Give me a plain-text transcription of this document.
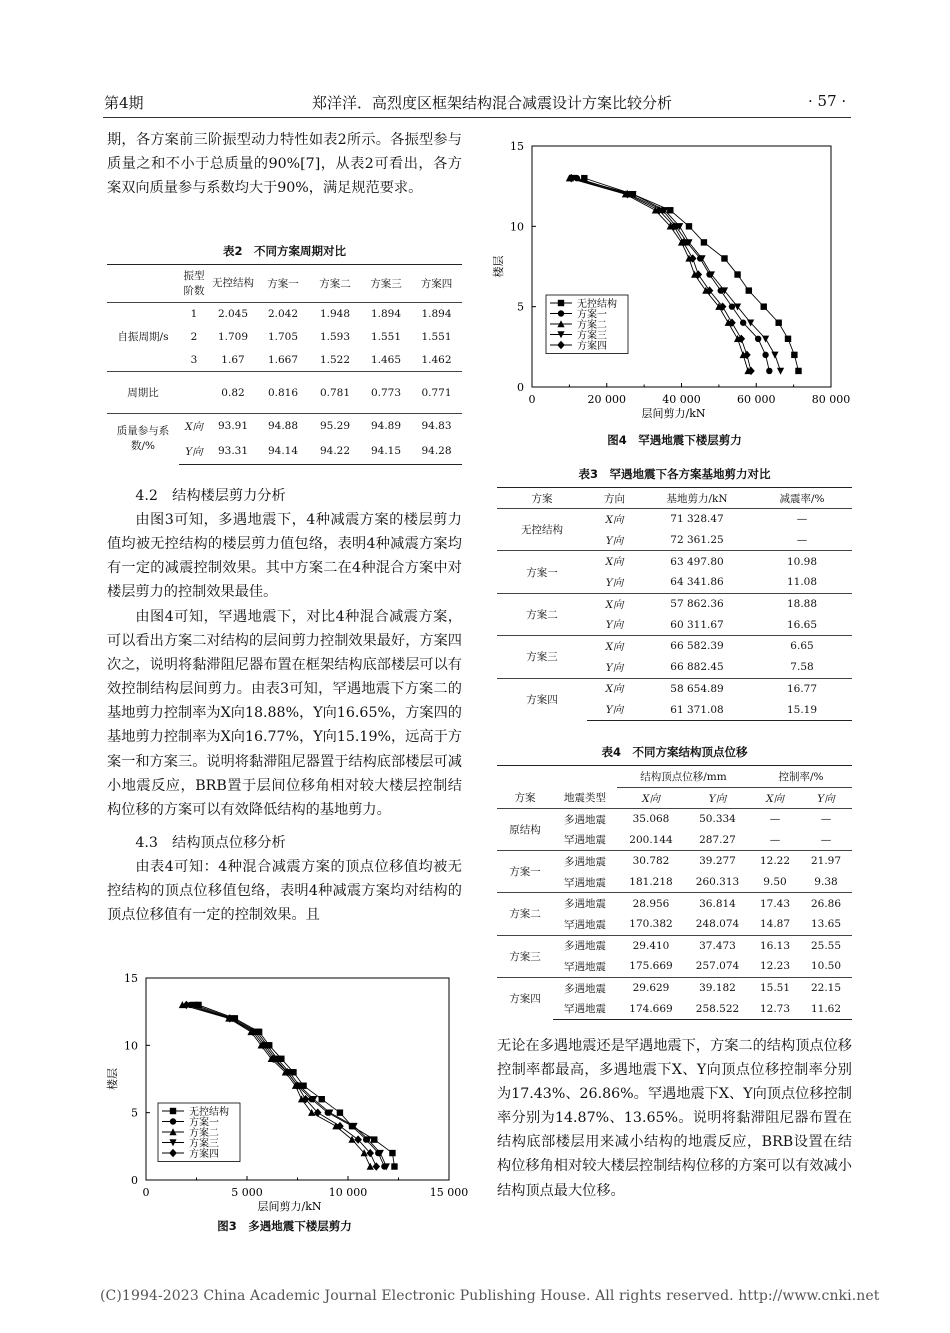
第4期	郑洋洋．高烈度区框架结构混合减震设计方案比较分析	· 57 ·

期，各方案前三阶振型动力特性如表2所示。各振型参与质量之和不小于总质量的90%[7]，从表2可看出，各方案双向质量参与系数均大于90%，满足规范要求。

表2　不同方案周期对比
	振型阶数	无控结构	方案一	方案二	方案三	方案四
自振周期/s	1	2.045	2.042	1.948	1.894	1.894
	2	1.709	1.705	1.593	1.551	1.551
	3	1.67	1.667	1.522	1.465	1.462
周期比		0.82	0.816	0.781	0.773	0.771
质量参与系数/%	X向	93.91	94.88	95.29	94.89	94.83
	Y向	93.31	94.14	94.22	94.15	94.28
4.2　结构楼层剪力分析

由图3可知，多遇地震下，4种减震方案的楼层剪力值均被无控结构的楼层剪力值包络，表明4种减震方案均有一定的减震控制效果。其中方案二在4种混合方案中对楼层剪力的控制效果最佳。

由图4可知，罕遇地震下，对比4种混合减震方案，可以看出方案二对结构的层间剪力控制效果最好，方案四次之，说明将黏滞阻尼器布置在框架结构底部楼层可以有效控制结构层间剪力。由表3可知，罕遇地震下方案二的基地剪力控制率为X向18.88%，Y向16.65%，方案四的基地剪力控制率为X向16.77%，Y向15.19%，远高于方案一和方案三。说明将黏滞阻尼器置于结构底部楼层可减小地震反应，BRB置于层间位移角相对较大楼层控制结构位移的方案可以有效降低结构的基地剪力。

4.3　结构顶点位移分析

由表4可知：4种混合减震方案的顶点位移值均被无控结构的顶点位移值包络，表明4种减震方案均对结构的顶点位移值有一定的控制效果。且

0	5 000	10 000	15 000
0
5
10
15
层间剪力/kN
楼层
无控结构
方案一
方案二
方案三
方案四
图3　多遇地震下楼层剪力
0	20 000	40 000	60 000	80 000
0
5
10
15
层间剪力/kN
楼层
无控结构
方案一
方案二
方案三
方案四
图4　罕遇地震下楼层剪力
表3　罕遇地震下各方案基地剪力对比
方案	方向	基地剪力/kN	减震率/%
无控结构	X向	71 328.47	—
	Y向	72 361.25	—
方案一	X向	63 497.80	10.98
	Y向	64 341.86	11.08
方案二	X向	57 862.36	18.88
	Y向	60 311.67	16.65
方案三	X向	66 582.39	6.65
	Y向	66 882.45	7.58
方案四	X向	58 654.89	16.77
	Y向	61 371.08	15.19
表4　不同方案结构顶点位移
		结构顶点位移/mm		控制率/%	
方案	地震类型	X向	Y向	X向	Y向
原结构	多遇地震	35.068	50.334	—	—
	罕遇地震	200.144	287.27	—	—
方案一	多遇地震	30.782	39.277	12.22	21.97
	罕遇地震	181.218	260.313	9.50	9.38
方案二	多遇地震	28.956	36.814	17.43	26.86
	罕遇地震	170.382	248.074	14.87	13.65
方案三	多遇地震	29.410	37.473	16.13	25.55
	罕遇地震	175.669	257.074	12.23	10.50
方案四	多遇地震	29.629	39.182	15.51	22.15
	罕遇地震	174.669	258.522	12.73	11.62

无论在多遇地震还是罕遇地震下，方案二的结构顶点位移控制率都最高，多遇地震下X、Y向顶点位移控制率分别为17.43%、26.86%。罕遇地震下X、Y向顶点位移控制率分别为14.87%、13.65%。说明将黏滞阻尼器布置在结构底部楼层用来减小结构的地震反应，BRB设置在结构位移角相对较大楼层控制结构位移的方案可以有效减小结构顶点最大位移。

(C)1994-2023 China Academic Journal Electronic Publishing House. All rights reserved. http://www.cnki.net
